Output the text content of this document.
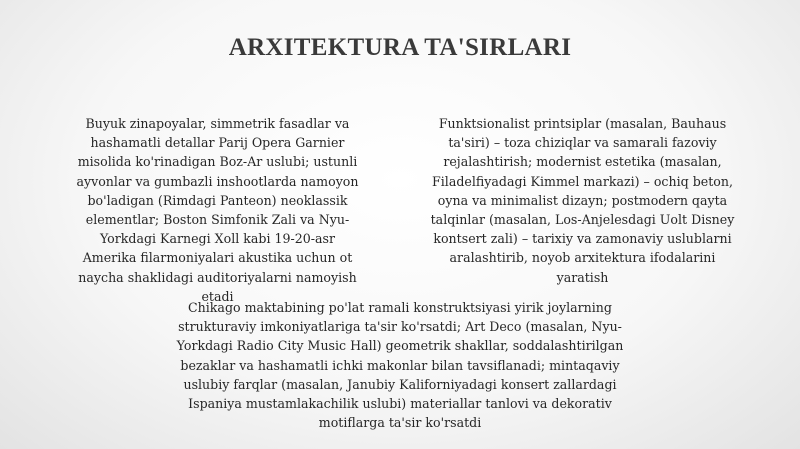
ARXITEKTURA TA'SIRLARI

Buyuk zinapoyalar, simmetrik fasadlar va
hashamatli detallar Parij Opera Garnier
misolida ko'rinadigan Boz-Ar uslubi; ustunli
ayvonlar va gumbazli inshootlarda namoyon
bo'ladigan (Rimdagi Panteon) neoklassik
elementlar; Boston Simfonik Zali va Nyu-
Yorkdagi Karnegi Xoll kabi 19-20-asr
Amerika filarmoniyalari akustika uchun ot
naycha shaklidagi auditoriyalarni namoyish
etadi

Funktsionalist printsiplar (masalan, Bauhaus
ta'siri) – toza chiziqlar va samarali fazoviy
rejalashtirish; modernist estetika (masalan,
Filadelfiyadagi Kimmel markazi) – ochiq beton,
oyna va minimalist dizayn; postmodern qayta
talqinlar (masalan, Los-Anjelesdagi Uolt Disney
kontsert zali) – tarixiy va zamonaviy uslublarni
aralashtirib, noyob arxitektura ifodalarini
yaratish

Chikago maktabining po'lat ramali konstruktsiyasi yirik joylarning
strukturaviy imkoniyatlariga ta'sir ko'rsatdi; Art Deco (masalan, Nyu-
Yorkdagi Radio City Music Hall) geometrik shakllar, soddalashtirilgan
bezaklar va hashamatli ichki makonlar bilan tavsiflanadi; mintaqaviy
uslubiy farqlar (masalan, Janubiy Kaliforniyadagi konsert zallardagi
Ispaniya mustamlakachilik uslubi) materiallar tanlovi va dekorativ
motiflarga ta'sir ko'rsatdi
